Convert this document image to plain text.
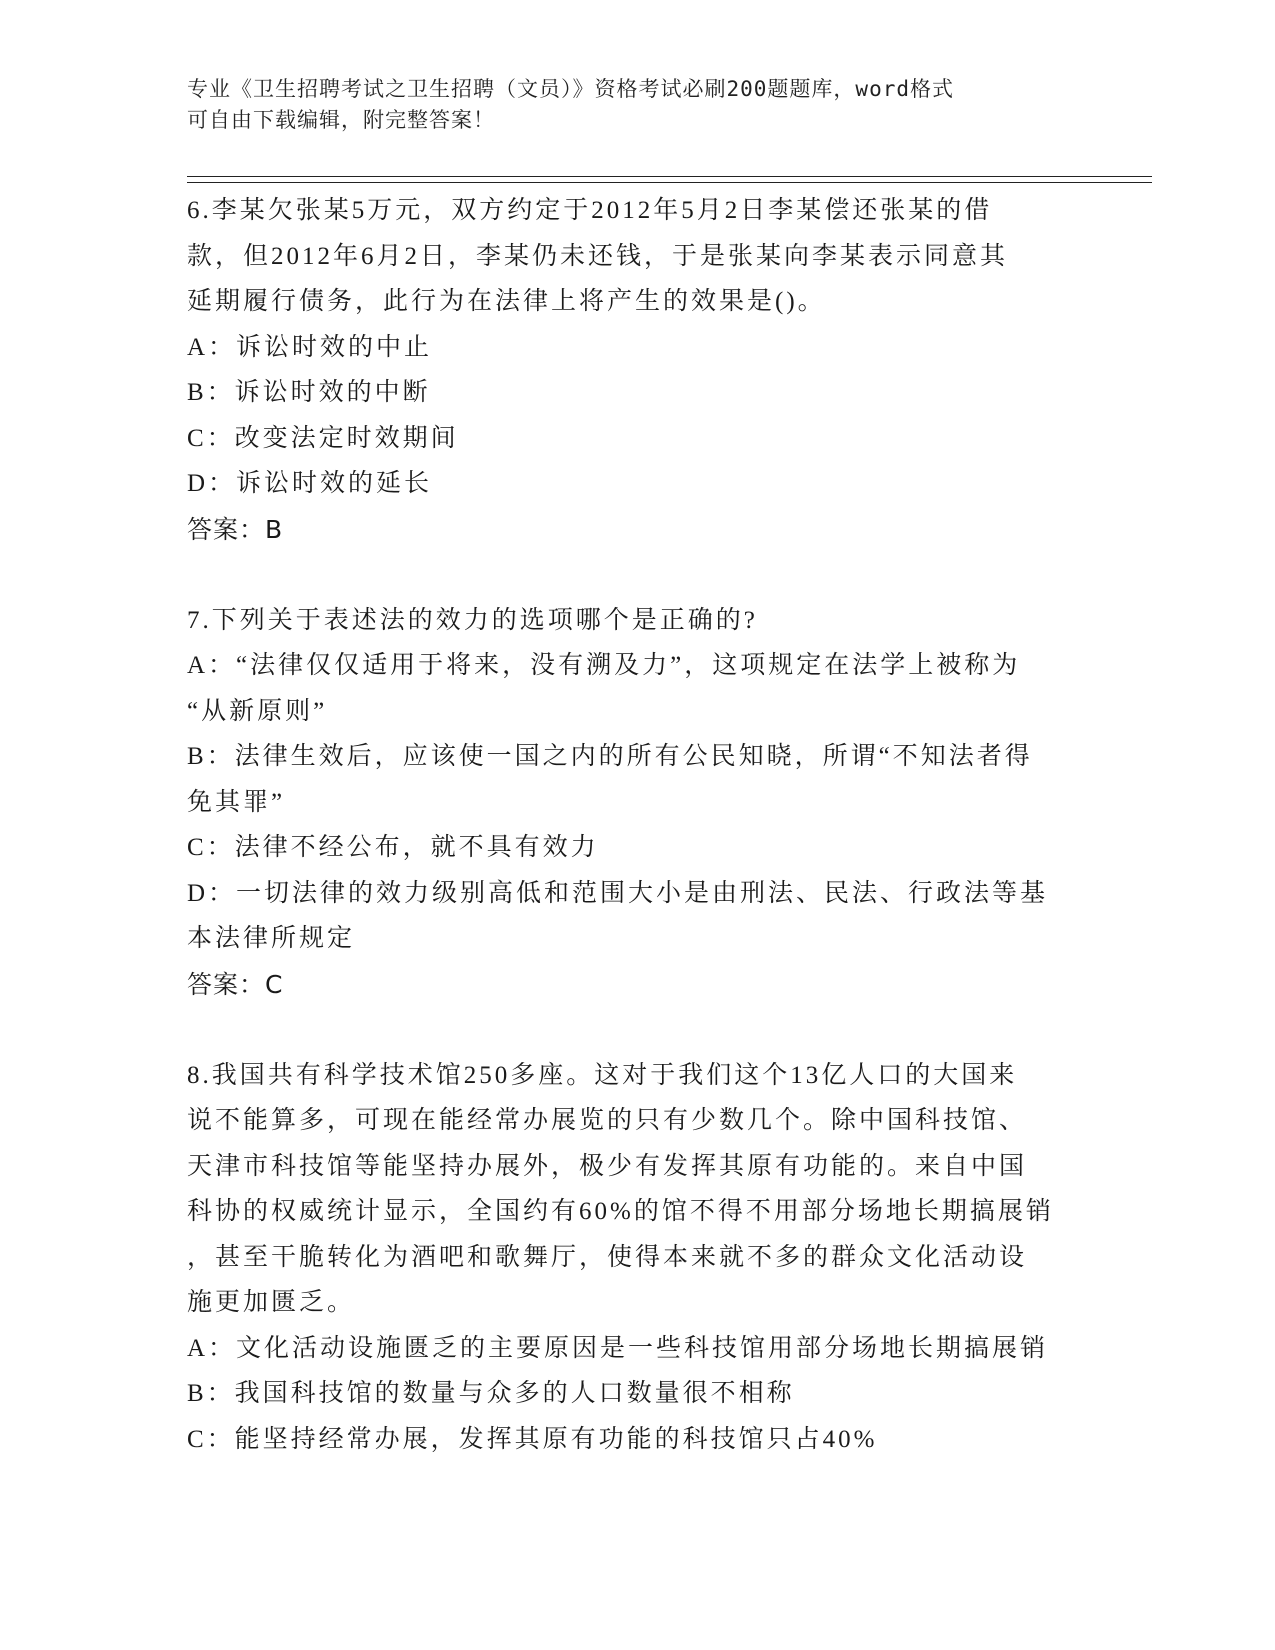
专业《卫生招聘考试之卫生招聘（文员）》资格考试必刷200题题库，word格式
可自由下载编辑，附完整答案！
6.李某欠张某5万元，双方约定于2012年5月2日李某偿还张某的借
款，但2012年6月2日，李某仍未还钱，于是张某向李某表示同意其
延期履行债务，此行为在法律上将产生的效果是()。
A：诉讼时效的中止
B：诉讼时效的中断
C：改变法定时效期间
D：诉讼时效的延长
答案：B
7.下列关于表述法的效力的选项哪个是正确的?
A：“法律仅仅适用于将来，没有溯及力”，这项规定在法学上被称为
“从新原则”
B：法律生效后，应该使一国之内的所有公民知晓，所谓“不知法者得
免其罪”
C：法律不经公布，就不具有效力
D：一切法律的效力级别高低和范围大小是由刑法、民法、行政法等基
本法律所规定
答案：C
8.我国共有科学技术馆250多座。这对于我们这个13亿人口的大国来
说不能算多，可现在能经常办展览的只有少数几个。除中国科技馆、
天津市科技馆等能坚持办展外，极少有发挥其原有功能的。来自中国
科协的权威统计显示，全国约有60%的馆不得不用部分场地长期搞展销
，甚至干脆转化为酒吧和歌舞厅，使得本来就不多的群众文化活动设
施更加匮乏。
A：文化活动设施匮乏的主要原因是一些科技馆用部分场地长期搞展销
B：我国科技馆的数量与众多的人口数量很不相称
C：能坚持经常办展，发挥其原有功能的科技馆只占40%
